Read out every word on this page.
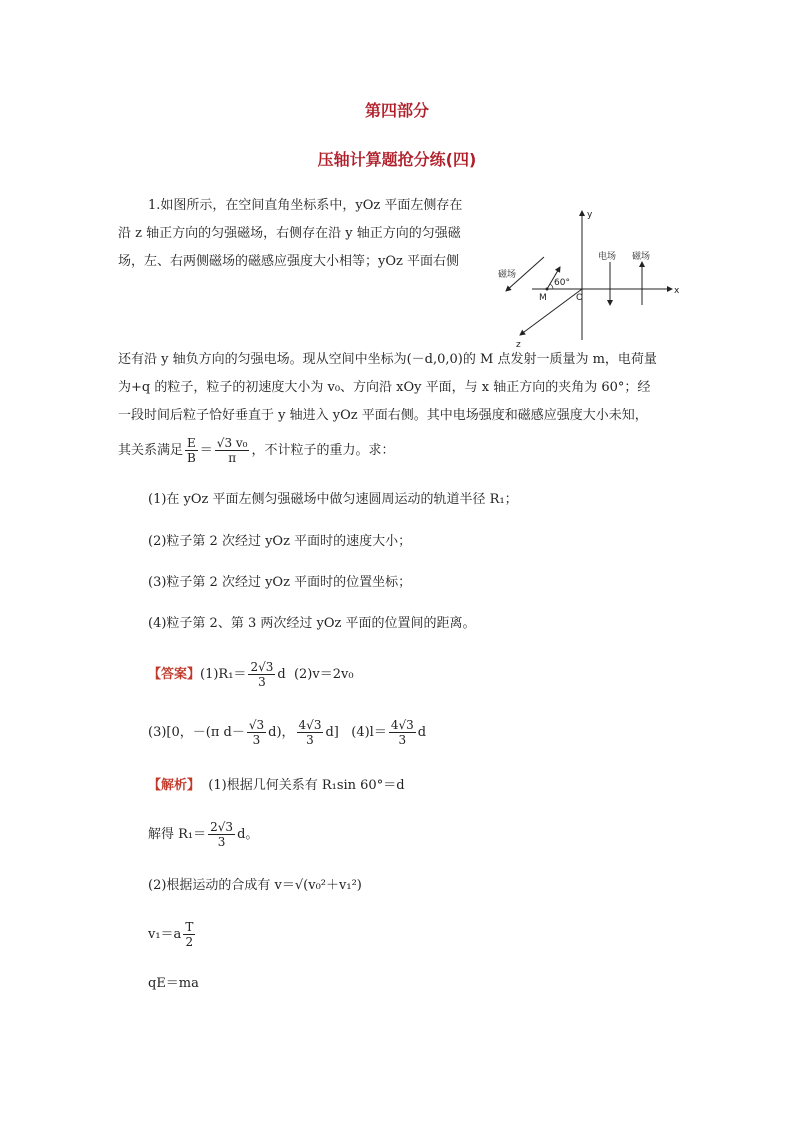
第四部分
压轴计算题抢分练(四)
1.如图所示，在空间直角坐标系中，yOz 平面左侧存在
沿 z 轴正方向的匀强磁场，右侧存在沿 y 轴正方向的匀强磁
场，左、右两侧磁场的磁感应强度大小相等；yOz 平面右侧
y
x
z
O
M
60°
磁场
电场 磁场
还有沿 y 轴负方向的匀强电场。现从空间中坐标为(－d,0,0)的 M 点发射一质量为 m，电荷量
为+q 的粒子，粒子的初速度大小为 v₀、方向沿 xOy 平面，与 x 轴正方向的夹角为 60°；经
一段时间后粒子恰好垂直于 y 轴进入 yOz 平面右侧。其中电场强度和磁感应强度大小未知，
其关系满足 $\frac{E}{B} = \frac{\text{√3 v₀}}{\pi}$ ，不计粒子的重力。求：
(1)在 yOz 平面左侧匀强磁场中做匀速圆周运动的轨道半径 R₁；
(2)粒子第 2 次经过 yOz 平面时的速度大小；
(3)粒子第 2 次经过 yOz 平面时的位置坐标；
(4)粒子第 2、第 3 两次经过 yOz 平面的位置间的距离。
【答案】$(1)R_1= \frac{2√3}{3}$ d (2)v＝2v₀
(3)[0，－(π $d- \frac{√3}{3} d$)， $\frac{4√3}{3} d$] $(4)l= \frac{4√3}{3}$ d
【解析】 (1)根据几何关系有 R₁sin 60°＝d
解得 $R_1= \frac{2√3}{3}$ d。
(2)根据运动的合成有 v＝√(v₀²＋v₁²)
$v_1=a \frac{T}{2}$
qE＝ma
